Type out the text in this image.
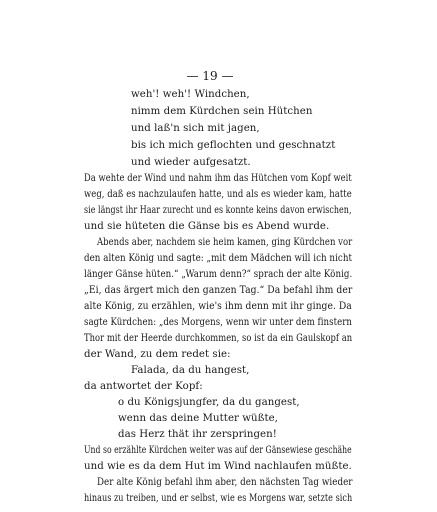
— 19 —
weh'! weh'! Windchen,
nimm dem Kürdchen sein Hütchen
und laß'n sich mit jagen,
bis ich mich geflochten und geschnatzt
und wieder aufgesatzt.
Da wehte der Wind und nahm ihm das Hütchen vom Kopf weit
weg, daß es nachzulaufen hatte, und als es wieder kam, hatte
sie längst ihr Haar zurecht und es konnte keins davon erwischen,
und sie hüteten die Gänse bis es Abend wurde.
Abends aber, nachdem sie heim kamen, ging Kürdchen vor
den alten König und sagte: „mit dem Mädchen will ich nicht
länger Gänse hüten.“ „Warum denn?“ sprach der alte König.
„Ei, das ärgert mich den ganzen Tag.“ Da befahl ihm der
alte König, zu erzählen, wie's ihm denn mit ihr ginge. Da
sagte Kürdchen: „des Morgens, wenn wir unter dem finstern
Thor mit der Heerde durchkommen, so ist da ein Gaulskopf an
der Wand, zu dem redet sie:
Falada, da du hangest,
da antwortet der Kopf:
o du Königsjungfer, da du gangest,
wenn das deine Mutter wüßte,
das Herz thät ihr zerspringen!
Und so erzählte Kürdchen weiter was auf der Gänsewiese geschähe
und wie es da dem Hut im Wind nachlaufen müßte.
Der alte König befahl ihm aber, den nächsten Tag wieder
hinaus zu treiben, und er selbst, wie es Morgens war, setzte sich
